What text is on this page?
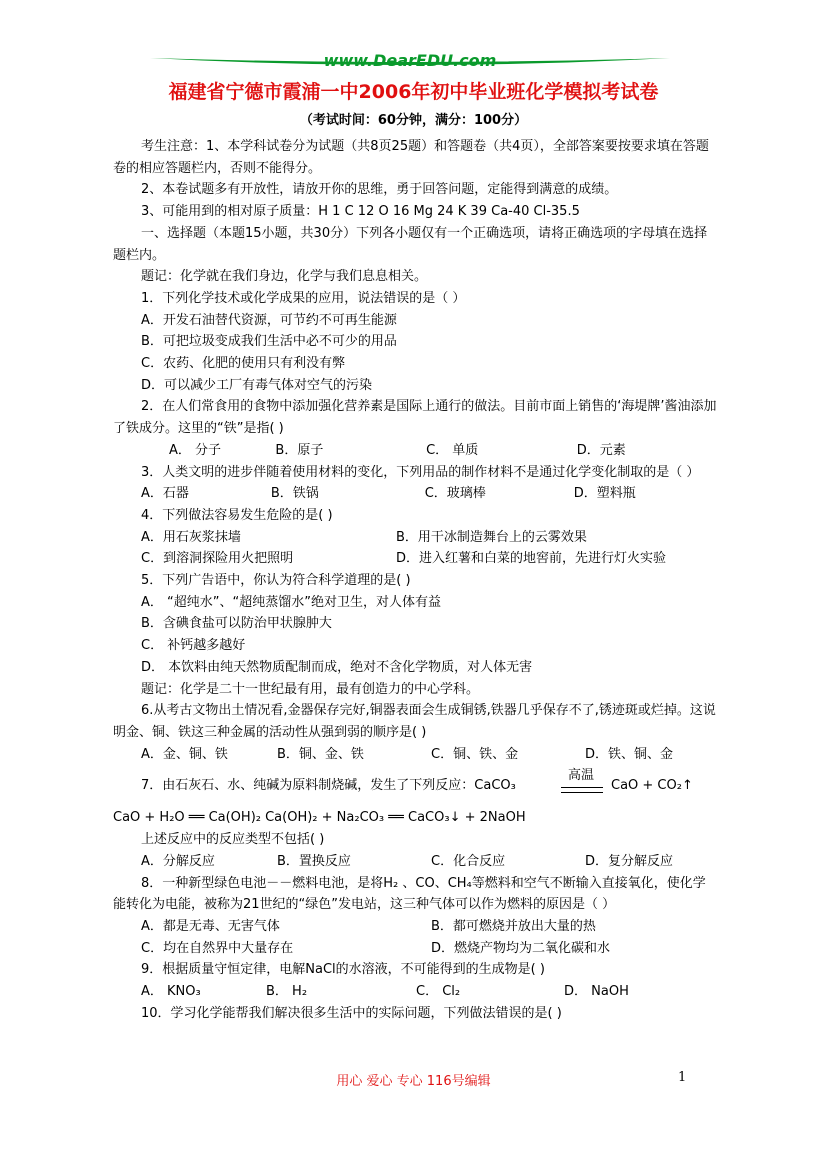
www.DearEDU.com
福建省宁德市霞浦一中2006年初中毕业班化学模拟考试卷
（考试时间：60分钟，满分：100分）

考生注意：1、本学科试卷分为试题（共8页25题）和答题卷（共4页），全部答案要按要求填在答题卷的相应答题栏内，否则不能得分。

2、本卷试题多有开放性，请放开你的思维，勇于回答问题，定能得到满意的成绩。

3、可能用到的相对原子质量：H 1 C 12 O 16 Mg 24 K 39 Ca-40 Cl-35.5

一、选择题（本题15小题，共30分）下列各小题仅有一个正确选项，请将正确选项的字母填在选择题栏内。

题记：化学就在我们身边，化学与我们息息相关。

1．下列化学技术或化学成果的应用，说法错误的是（ ）

A．开发石油替代资源，可节约不可再生能源

B．可把垃圾变成我们生活中必不可少的用品

C．农药、化肥的使用只有利没有弊

D．可以减少工厂有毒气体对空气的污染

2．在人们常食用的食物中添加强化营养素是国际上通行的做法。目前市面上销售的‘海堤牌’酱油添加了铁成分。这里的“铁”是指( )

A． 分子	B．原子	C． 单质	D．元素

3．人类文明的进步伴随着使用材料的变化，下列用品的制作材料不是通过化学变化制取的是（ ）

A．石器	B．铁锅	C．玻璃棒	D．塑料瓶

4．下列做法容易发生危险的是( )

A．用石灰浆抹墙	B．用干冰制造舞台上的云雾效果
C．到溶洞探险用火把照明	D．进入红薯和白菜的地窖前，先进行灯火实验

5．下列广告语中，你认为符合科学道理的是( )

A． “超纯水”、“超纯蒸馏水”绝对卫生，对人体有益

B．含碘食盐可以防治甲状腺肿大

C． 补钙越多越好

D． 本饮料由纯天然物质配制而成，绝对不含化学物质，对人体无害

题记：化学是二十一世纪最有用，最有创造力的中心学科。

6.从考古文物出土情况看,金器保存完好,铜器表面会生成铜锈,铁器几乎保存不了,锈迹斑或烂掉。这说明金、铜、铁这三种金属的活动性从强到弱的顺序是( )

A．金、铜、铁	B．铜、金、铁	C．铜、铁、金	D．铁、铜、金
7．由石灰石、水、纯碱为原料制烧碱，发生了下列反应：CaCO₃
高温
CaO + CO₂↑

CaO + H₂O ══ Ca(OH)₂ Ca(OH)₂ + Na₂CO₃ ══ CaCO₃↓ + 2NaOH

上述反应中的反应类型不包括( )

A．分解反应	B．置换反应	C．化合反应	D．复分解反应

8．一种新型绿色电池－－燃料电池，是将H₂ 、CO、CH₄等燃料和空气不断输入直接氧化，使化学能转化为电能，被称为21世纪的“绿色”发电站，这三种气体可以作为燃料的原因是（ ）

A．都是无毒、无害气体	B．都可燃烧并放出大量的热
C．均在自然界中大量存在	D．燃烧产物均为二氧化碳和水

9．根据质量守恒定律，电解NaCl的水溶液，不可能得到的生成物是( )

A． KNO₃	B． H₂	C． Cl₂	D． NaOH

10．学习化学能帮我们解决很多生活中的实际问题，下列做法错误的是( )

用心 爱心 专心 116号编辑	1
